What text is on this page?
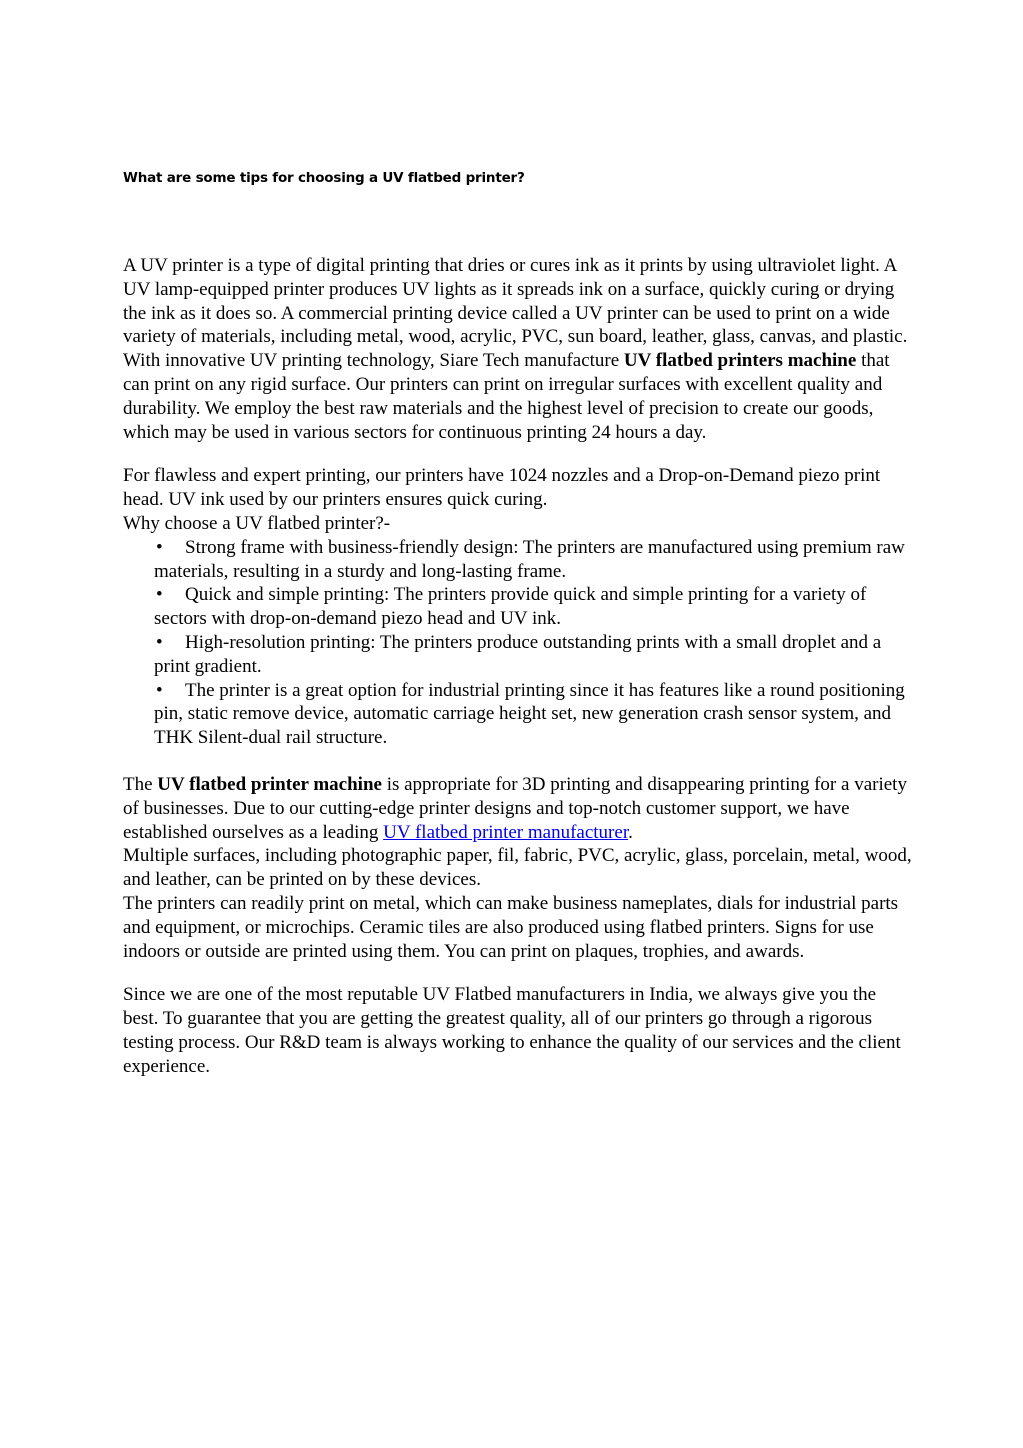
What are some tips for choosing a UV flatbed printer?

A UV printer is a type of digital printing that dries or cures ink as it prints by using ultraviolet light. A UV lamp-equipped printer produces UV lights as it spreads ink on a surface, quickly curing or drying the ink as it does so. A commercial printing device called a UV printer can be used to print on a wide variety of materials, including metal, wood, acrylic, PVC, sun board, leather, glass, canvas, and plastic.

With innovative UV printing technology, Siare Tech manufacture UV flatbed printers machine that can print on any rigid surface. Our printers can print on irregular surfaces with excellent quality and durability. We employ the best raw materials and the highest level of precision to create our goods, which may be used in various sectors for continuous printing 24 hours a day.

For flawless and expert printing, our printers have 1024 nozzles and a Drop-on-Demand piezo print head. UV ink used by our printers ensures quick curing.

Why choose a UV flatbed printer?-

•	Strong frame with business-friendly design: The printers are manufactured using premium raw materials, resulting in a sturdy and long-lasting frame.
•	Quick and simple printing: The printers provide quick and simple printing for a variety of sectors with drop-on-demand piezo head and UV ink.
•	High-resolution printing: The printers produce outstanding prints with a small droplet and a print gradient.
•	The printer is a great option for industrial printing since it has features like a round positioning pin, static remove device, automatic carriage height set, new generation crash sensor system, and THK Silent-dual rail structure.

The UV flatbed printer machine is appropriate for 3D printing and disappearing printing for a variety of businesses. Due to our cutting-edge printer designs and top-notch customer support, we have established ourselves as a leading UV flatbed printer manufacturer.

Multiple surfaces, including photographic paper, fil, fabric, PVC, acrylic, glass, porcelain, metal, wood, and leather, can be printed on by these devices.

The printers can readily print on metal, which can make business nameplates, dials for industrial parts and equipment, or microchips. Ceramic tiles are also produced using flatbed printers. Signs for use indoors or outside are printed using them. You can print on plaques, trophies, and awards.

Since we are one of the most reputable UV Flatbed manufacturers in India, we always give you the best. To guarantee that you are getting the greatest quality, all of our printers go through a rigorous testing process. Our R&D team is always working to enhance the quality of our services and the client experience.
